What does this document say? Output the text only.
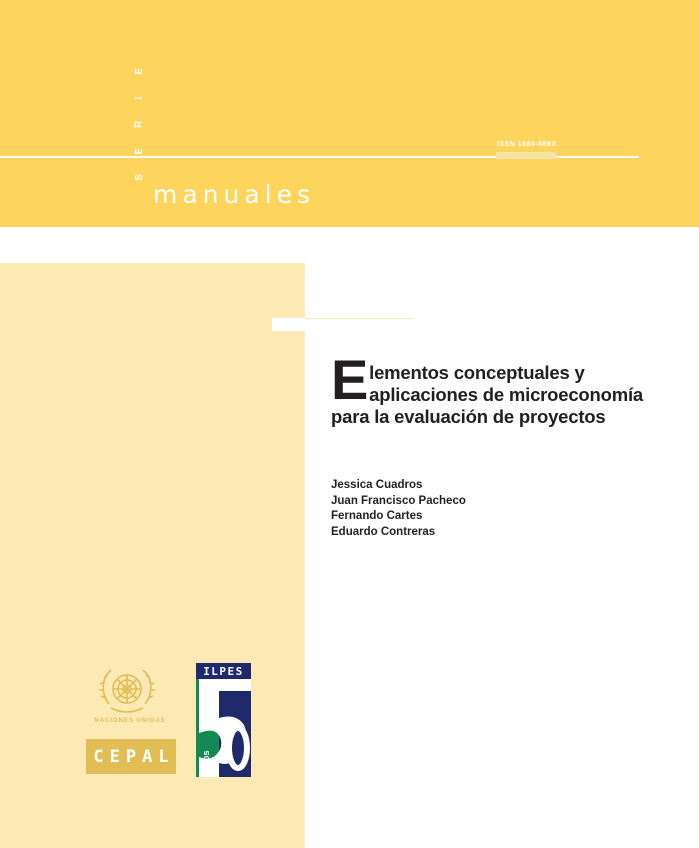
E
I
R
E
S
ISSN 1680-886X
manuales
Elementos conceptuales y
aplicaciones de microeconomía
para la evaluación de proyectos
Jessica Cuadros
Juan Francisco Pacheco
Fernando Cartes
Eduardo Contreras
NACIONES UNIDAS
CEPAL
ILPES
años
